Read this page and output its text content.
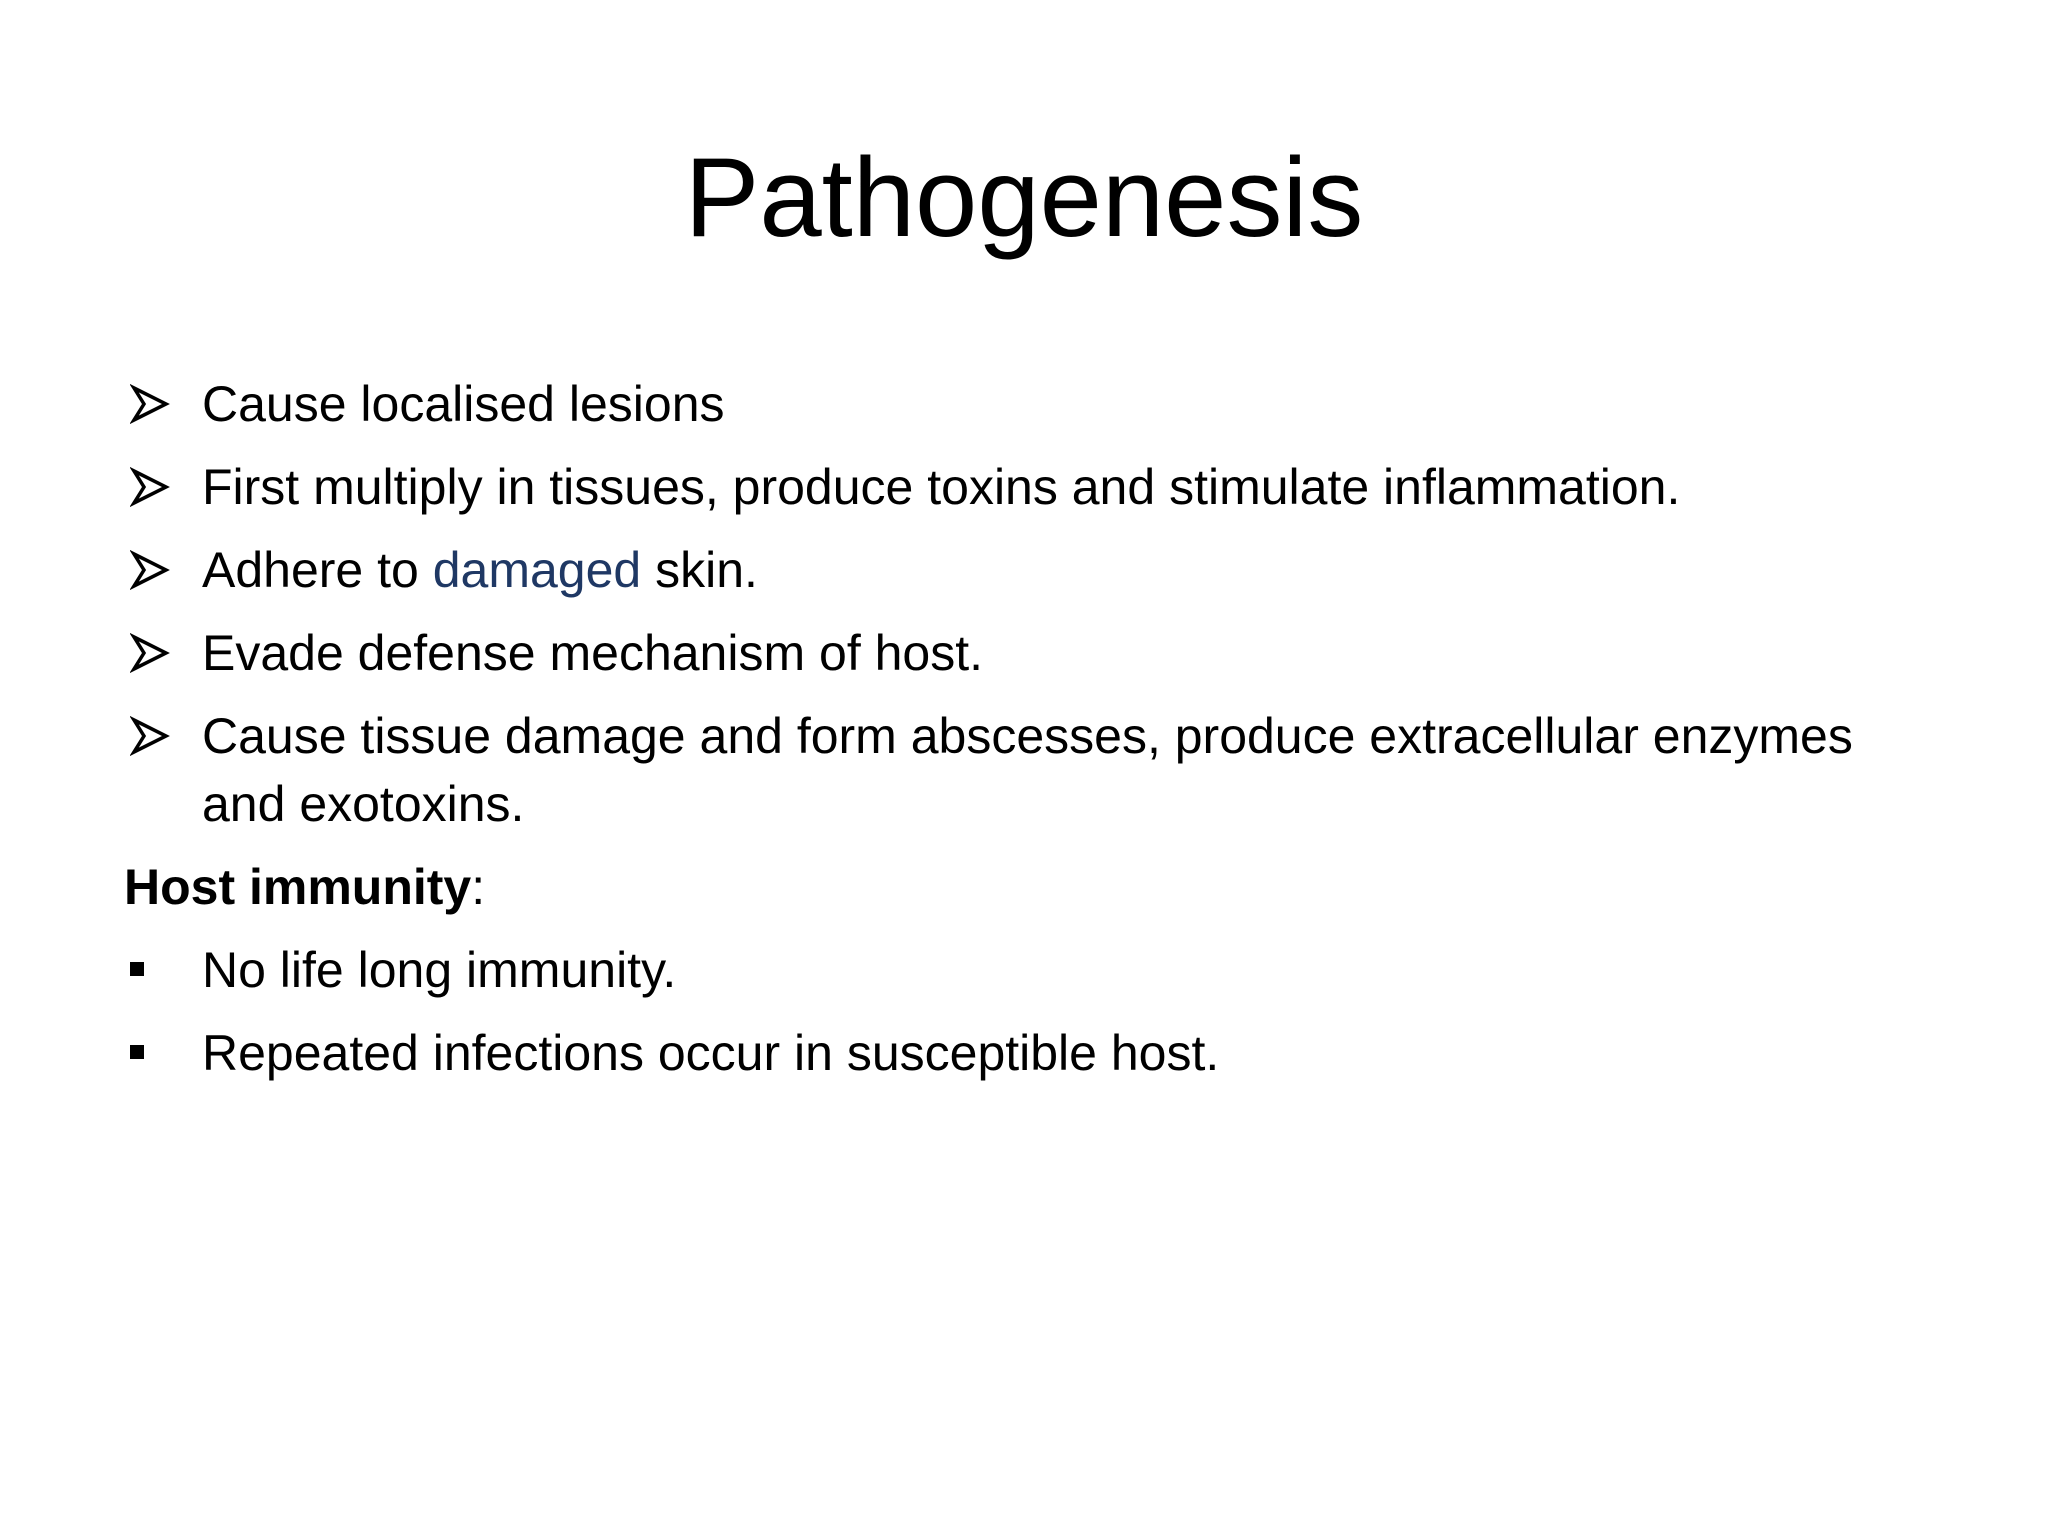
Pathogenesis
Cause localised lesions
First multiply in tissues, produce toxins and stimulate inflammation.
Adhere to damaged skin.
Evade defense mechanism of host.
Cause tissue damage and form abscesses, produce extracellular enzymes and exotoxins.
Host immunity:
No life long immunity.
Repeated infections occur in susceptible host.
